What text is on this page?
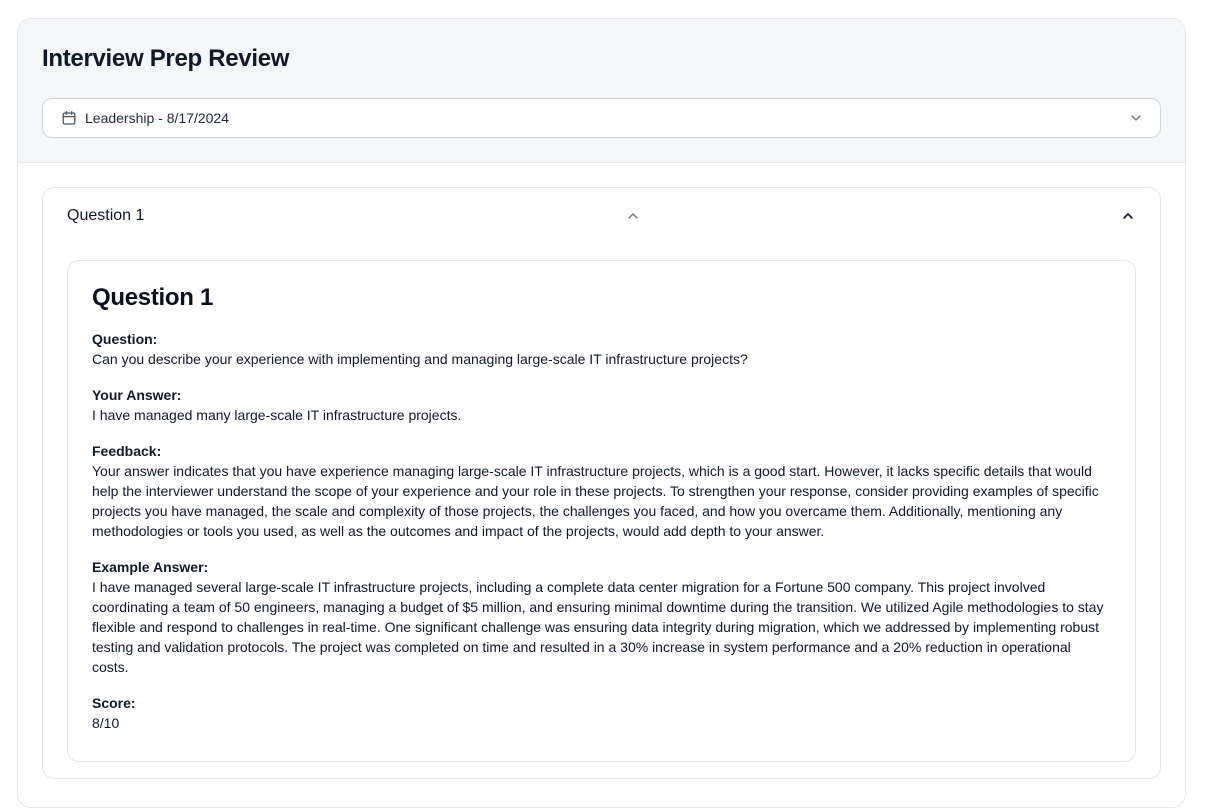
Interview Prep Review
Leadership - 8/17/2024
Question 1
Question 1
Question:
Can you describe your experience with implementing and managing large-scale IT infrastructure projects?
Your Answer:
I have managed many large-scale IT infrastructure projects.
Feedback:
Your answer indicates that you have experience managing large-scale IT infrastructure projects, which is a good start. However, it lacks specific details that would help the interviewer understand the scope of your experience and your role in these projects. To strengthen your response, consider providing examples of specific projects you have managed, the scale and complexity of those projects, the challenges you faced, and how you overcame them. Additionally, mentioning any methodologies or tools you used, as well as the outcomes and impact of the projects, would add depth to your answer.
Example Answer:
I have managed several large-scale IT infrastructure projects, including a complete data center migration for a Fortune 500 company. This project involved coordinating a team of 50 engineers, managing a budget of $5 million, and ensuring minimal downtime during the transition. We utilized Agile methodologies to stay flexible and respond to challenges in real-time. One significant challenge was ensuring data integrity during migration, which we addressed by implementing robust testing and validation protocols. The project was completed on time and resulted in a 30% increase in system performance and a 20% reduction in operational costs.
Score:
8/10
